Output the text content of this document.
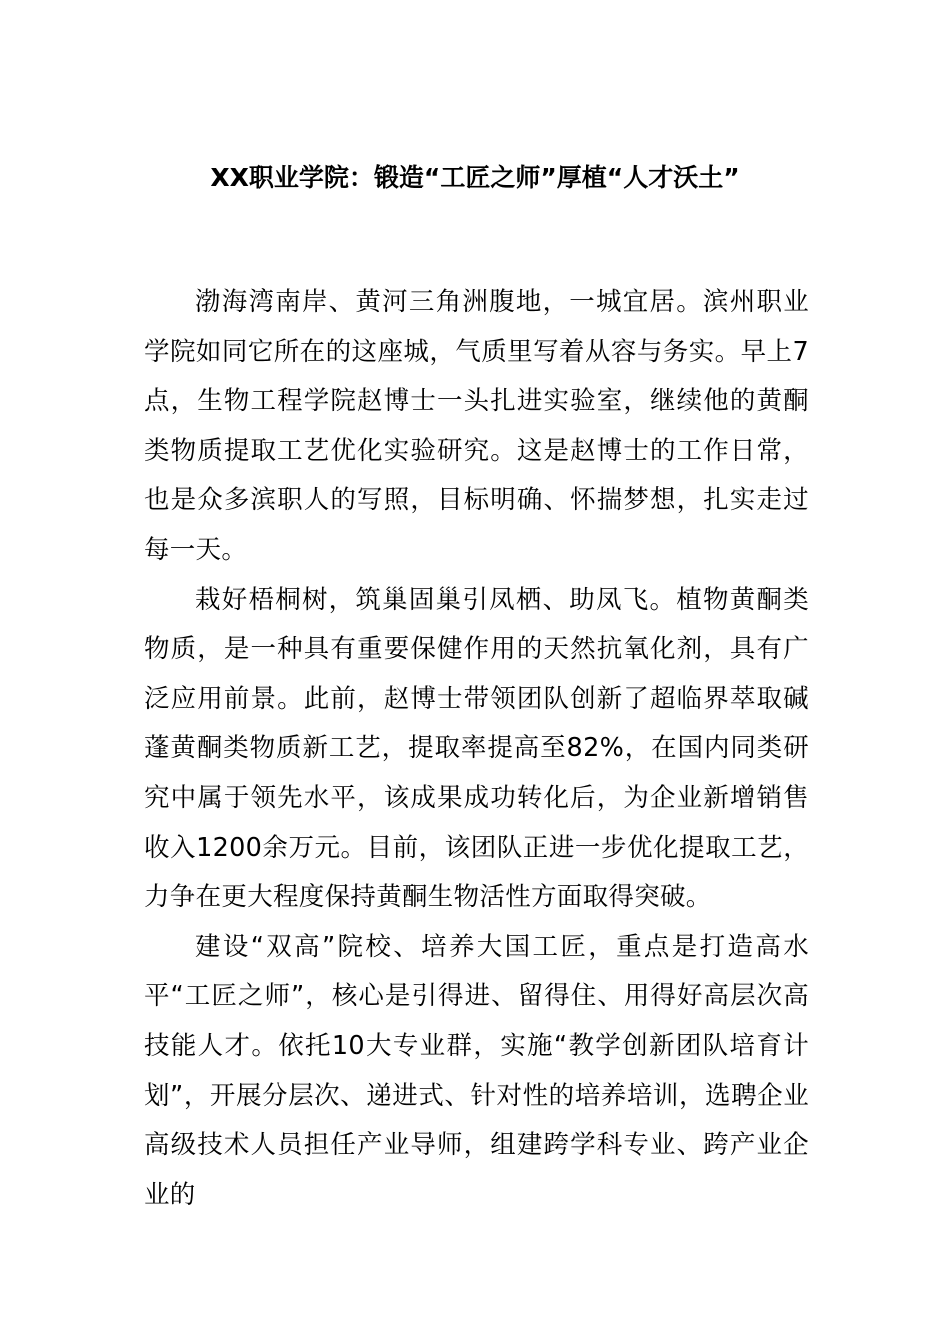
XX职业学院：锻造“工匠之师”厚植“人才沃土”

渤海湾南岸、黄河三角洲腹地，一城宜居。滨州职业学院如同它所在的这座城，气质里写着从容与务实。早上7点，生物工程学院赵博士一头扎进实验室，继续他的黄酮类物质提取工艺优化实验研究。这是赵博士的工作日常，也是众多滨职人的写照，目标明确、怀揣梦想，扎实走过每一天。

栽好梧桐树，筑巢固巢引凤栖、助凤飞。植物黄酮类物质，是一种具有重要保健作用的天然抗氧化剂，具有广泛应用前景。此前，赵博士带领团队创新了超临界萃取碱蓬黄酮类物质新工艺，提取率提高至82%，在国内同类研究中属于领先水平，该成果成功转化后，为企业新增销售收入1200余万元。目前，该团队正进一步优化提取工艺，力争在更大程度保持黄酮生物活性方面取得突破。

建设“双高”院校、培养大国工匠，重点是打造高水平“工匠之师”，核心是引得进、留得住、用得好高层次高技能人才。依托10大专业群，实施“教学创新团队培育计划”，开展分层次、递进式、针对性的培养培训，选聘企业高级技术人员担任产业导师，组建跨学科专业、跨产业企业的
